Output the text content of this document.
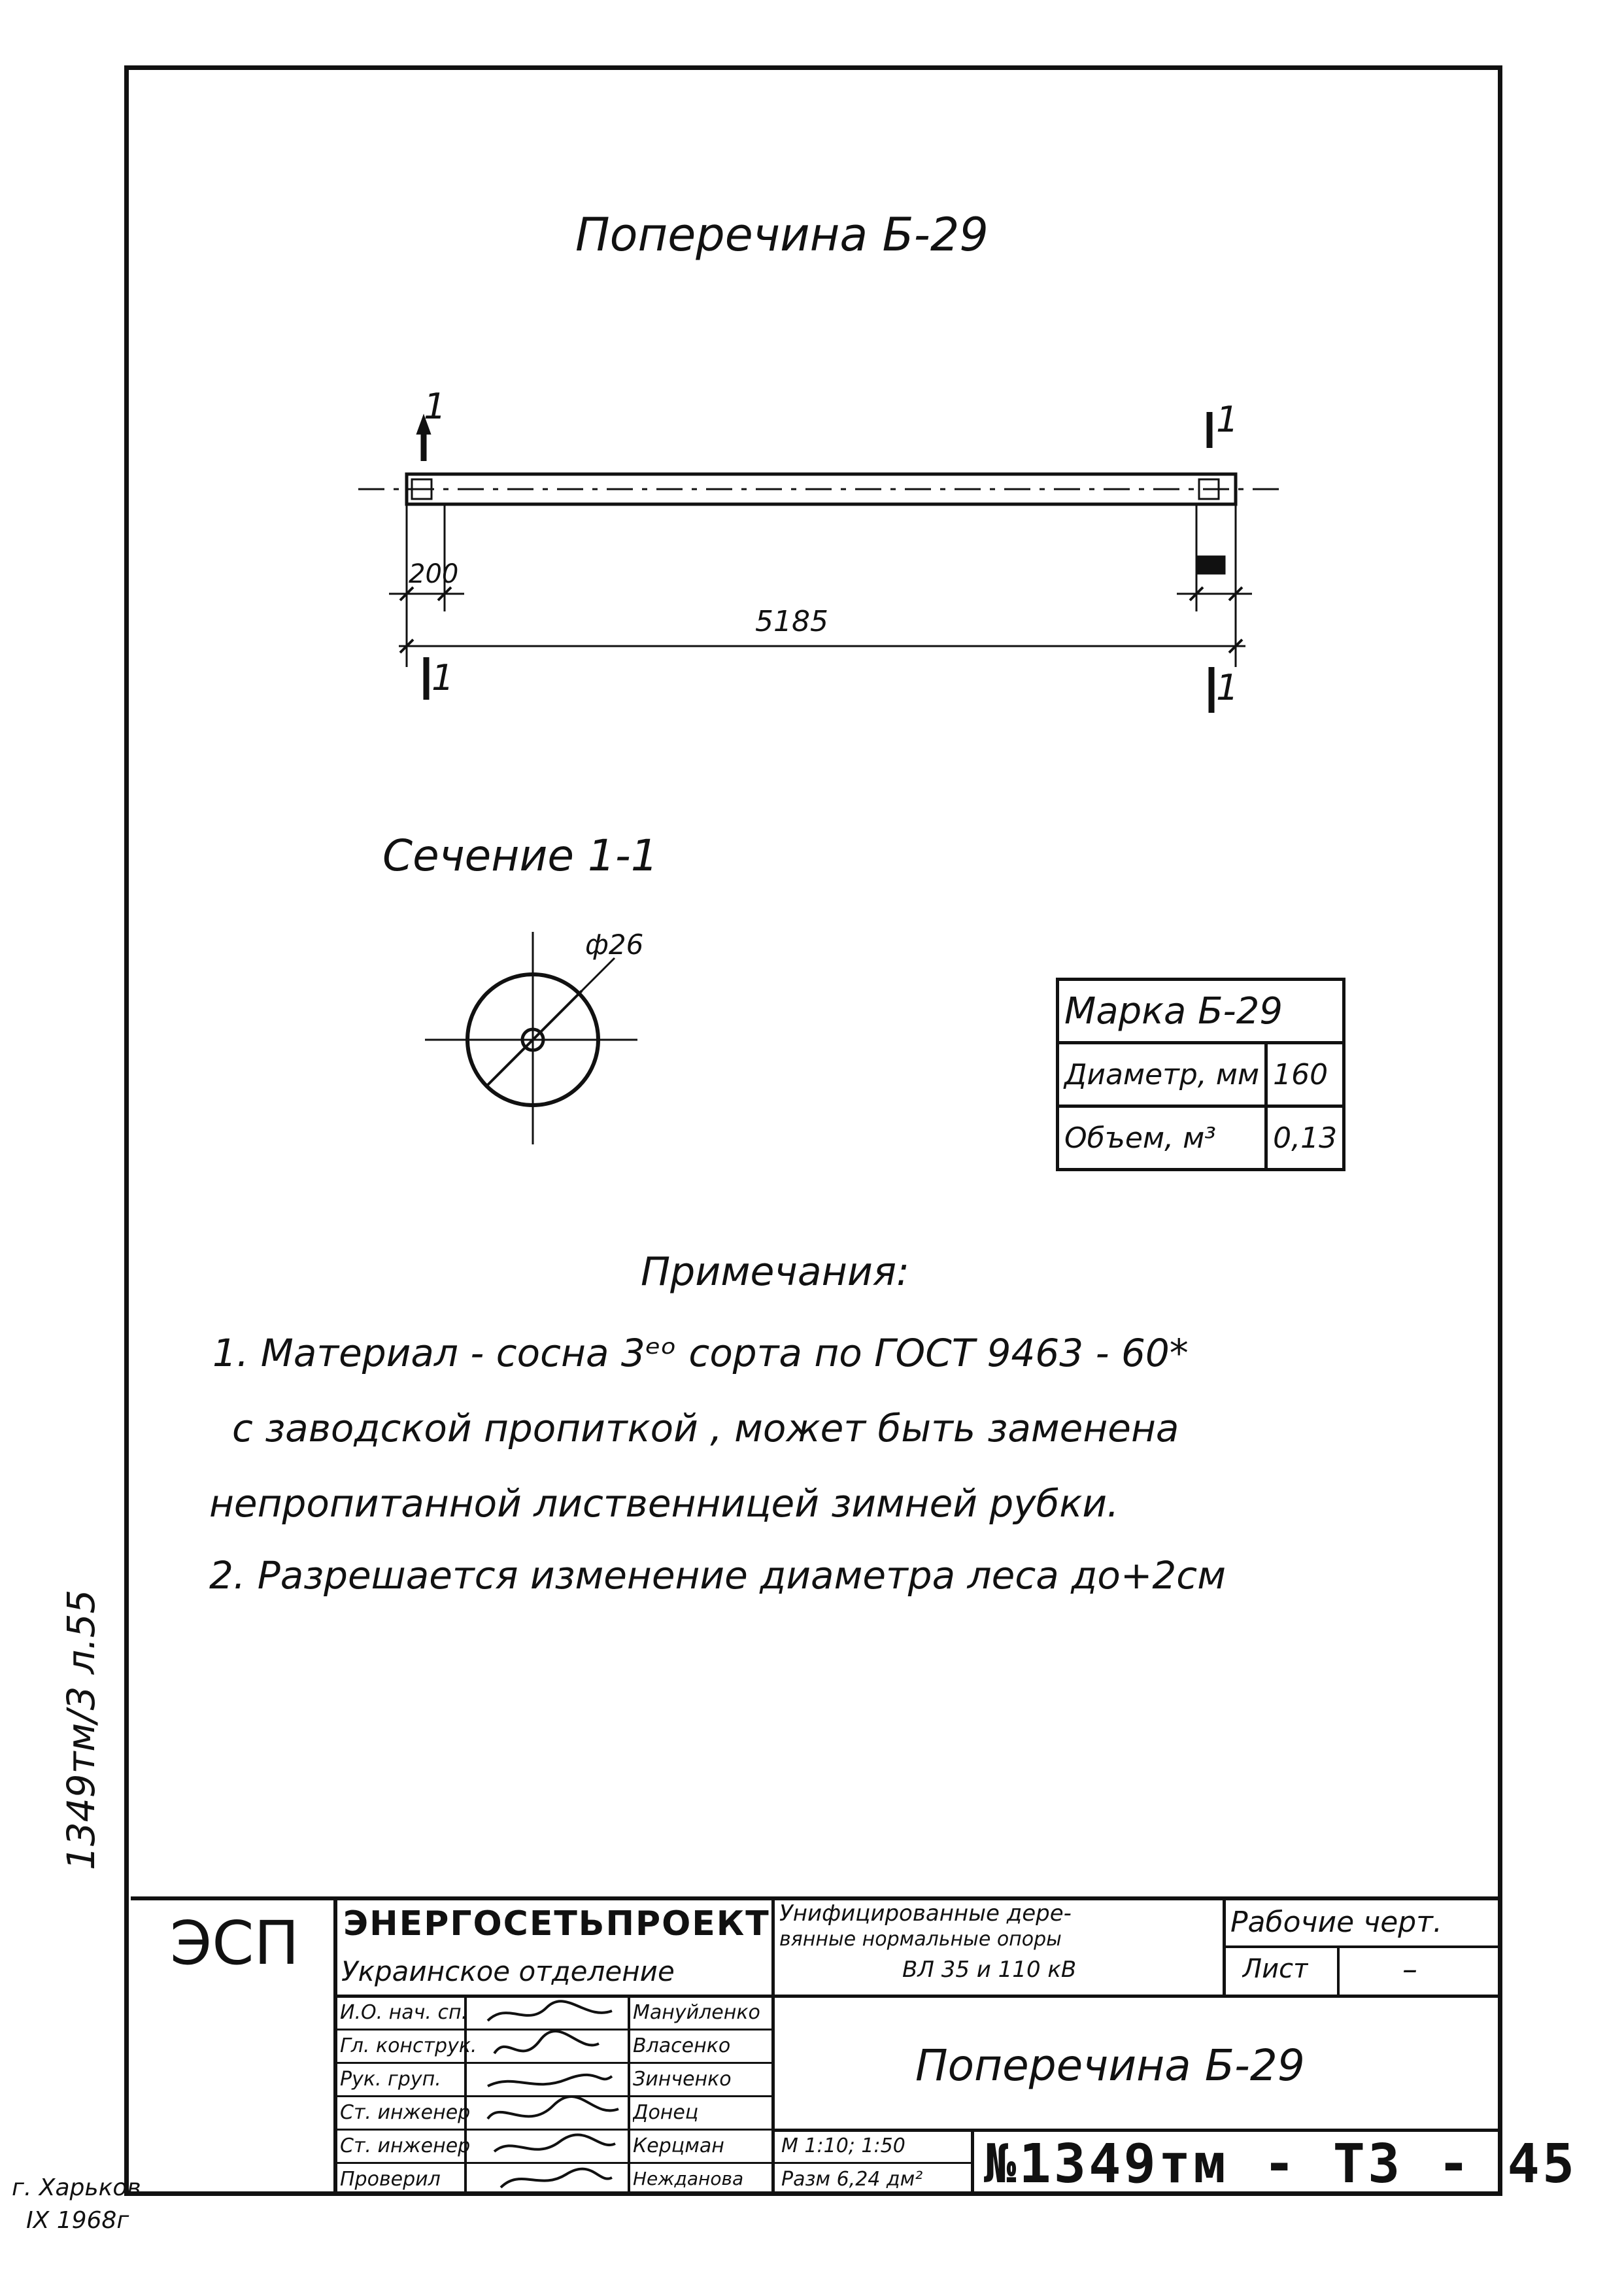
Поперечина Б-29
1	1
1	1
200
5185
ф26
Сечение 1-1
Марка Б-29	
Диаметр, мм	160
Объем, м³	0,13
Примечания:
1. Материал - сосна 3ᵉᵒ сорта по ГОСТ 9463 - 60*
с заводской пропиткой , может быть заменена
непропитанной лиственницей зимней рубки.
2. Разрешается изменение диаметра леса до+2см
1349тм/3 л.55
ЭСП ЭНЕРГОСЕТЬПРОЕКТ
Украинское отделение
Унифицированные дере-
вянные нормальные опоры
ВЛ 35 и 110 кВ
Рабочие черт.
Лист	–
И.О. нач. сп.	Мануйленко
Гл. конструк.	Власенко
Рук. груп.	Зинченко
Ст. инженер	Донец
Ст. инженер	Керцман
Проверил	Нежданова
Поперечина Б-29
М 1:10; 1:50
Разм 6,24 дм² №1349тм - ТЗ - 45
г. Харьков
IX 1968г
